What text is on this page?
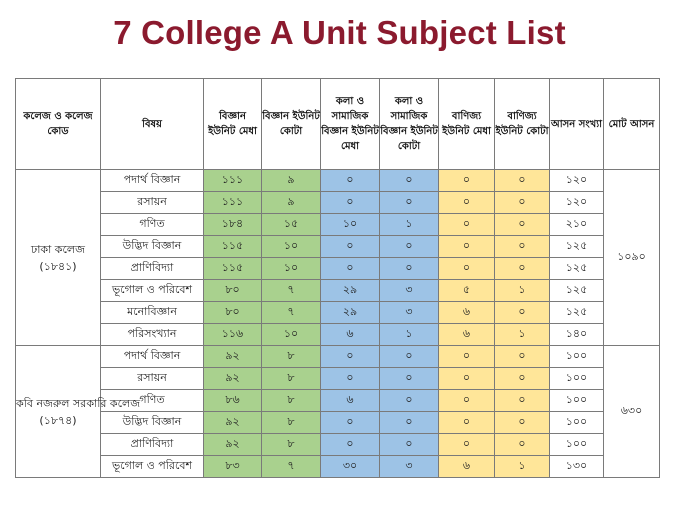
7 College A Unit Subject List
কলেজ ও কলেজ কোড	বিষয়	বিজ্ঞান ইউনিট মেধা	বিজ্ঞান ইউনিট কোটা	কলা ও সামাজিক বিজ্ঞান ইউনিট মেধা	কলা ও সামাজিক বিজ্ঞান ইউনিট কোটা	বাণিজ্য ইউনিট মেধা	বাণিজ্য ইউনিট কোটা	আসন সংখ্যা	মোট আসন
ঢাকা কলেজ
(১৮৪১)	পদার্থ বিজ্ঞান	১১১	৯	০	০	০	০	১২০	১০৯০
	রসায়ন	১১১	৯	০	০	০	০	১২০	
	গণিত	১৮৪	১৫	১০	১	০	০	২১০	
	উদ্ভিদ বিজ্ঞান	১১৫	১০	০	০	০	০	১২৫	
	প্রাণিবিদ্যা	১১৫	১০	০	০	০	০	১২৫	
	ভূগোল ও পরিবেশ	৮০	৭	২৯	৩	৫	১	১২৫	
	মনোবিজ্ঞান	৮০	৭	২৯	৩	৬	০	১২৫	
	পরিসংখ্যান	১১৬	১০	৬	১	৬	১	১৪০	
কবি নজরুল সরকারি কলেজ
(১৮৭৪)	পদার্থ বিজ্ঞান	৯২	৮	০	০	০	০	১০০	৬৩০
	রসায়ন	৯২	৮	০	০	০	০	১০০	
	গণিত	৮৬	৮	৬	০	০	০	১০০	
	উদ্ভিদ বিজ্ঞান	৯২	৮	০	০	০	০	১০০	
	প্রাণিবিদ্যা	৯২	৮	০	০	০	০	১০০	
	ভূগোল ও পরিবেশ	৮৩	৭	৩০	৩	৬	১	১৩০	
